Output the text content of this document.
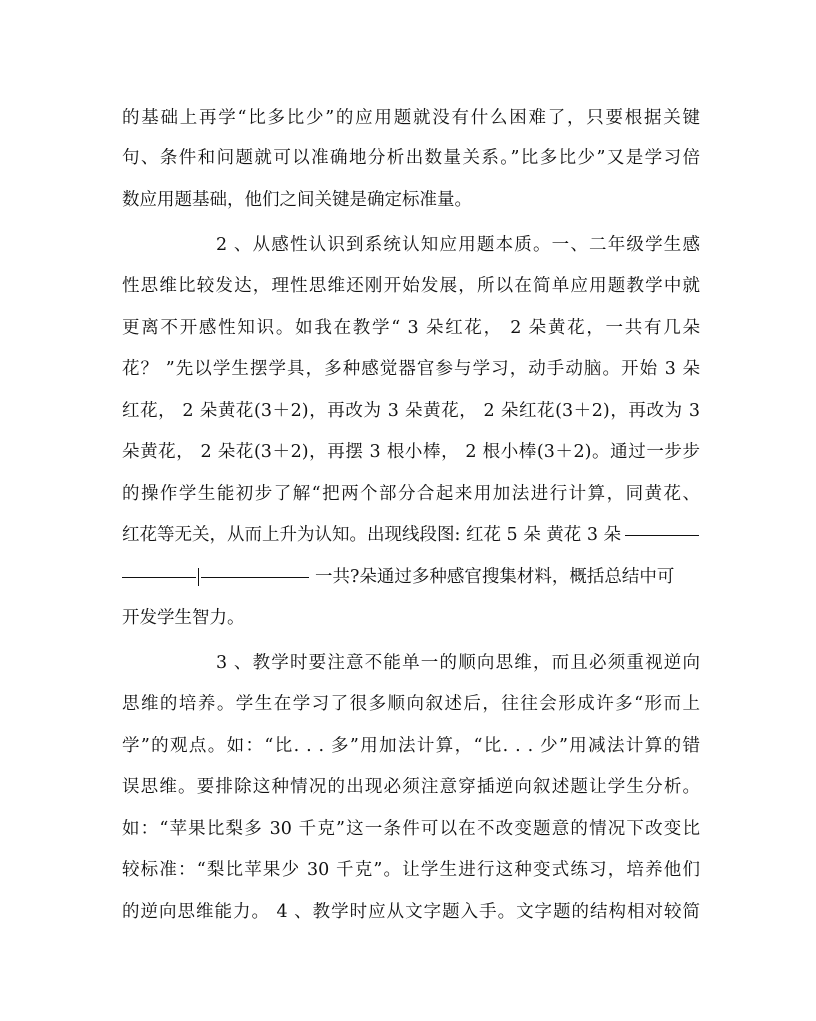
的基础上再学“比多比少”的应用题就没有什么困难了，只要根据关键
句、条件和问题就可以准确地分析出数量关系。”比多比少”又是学习倍
数应用题基础，他们之间关键是确定标准量。
2 、从感性认识到系统认知应用题本质。一、二年级学生感
性思维比较发达，理性思维还刚开始发展，所以在简单应用题教学中就
更离不开感性知识。如我在教学“ 3 朵红花， 2 朵黄花，一共有几朵
花？ ”先以学生摆学具，多种感觉器官参与学习，动手动脑。开始 3 朵
红花， 2 朵黄花(3＋2)，再改为 3 朵黄花， 2 朵红花(3＋2)，再改为 3
朵黄花， 2 朵花(3＋2)，再摆 3 根小棒， 2 根小棒(3＋2)。通过一步步
的操作学生能初步了解“把两个部分合起来用加法进行计算，同黄花、
红花等无关，从而上升为认知。出现线段图: 红花 5 朵 黄花 3 朵
一共?朵通过多种感官搜集材料，概括总结中可
开发学生智力。
3 、教学时要注意不能单一的顺向思维，而且必须重视逆向
思维的培养。学生在学习了很多顺向叙述后，往往会形成许多“形而上
学”的观点。如：“比. . . 多”用加法计算，“比. . . 少”用减法计算的错
误思维。要排除这种情况的出现必须注意穿插逆向叙述题让学生分析。
如：“苹果比梨多 30 千克”这一条件可以在不改变题意的情况下改变比
较标准：“梨比苹果少 30 千克”。让学生进行这种变式练习，培养他们
的逆向思维能力。 4 、教学时应从文字题入手。文字题的结构相对较简
